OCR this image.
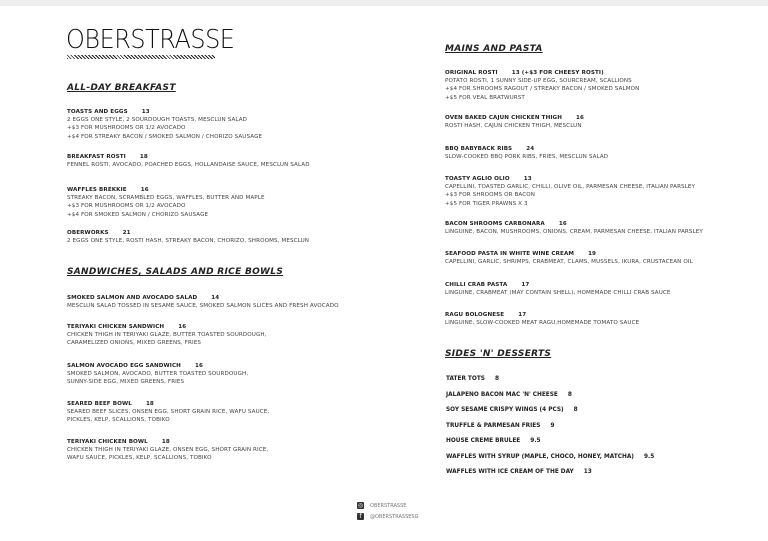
OBERSTRASSE
ALL-DAY BREAKFAST
TOASTS AND EGGS	13
2 EGGS ONE STYLE, 2 SOURDOUGH TOASTS, MESCLUN SALAD
+$3 FOR MUSHROOMS OR 1/2 AVOCADO
+$4 FOR STREAKY BACON / SMOKED SALMON / CHORIZO SAUSAGE
BREAKFAST ROSTI	18
FENNEL ROSTI, AVOCADO, POACHED EGGS, HOLLANDAISE SAUCE, MESCLUN SALAD
WAFFLES BREKKIE	16
STREAKY BACON, SCRAMBLED EGGS, WAFFLES, BUTTER AND MAPLE
+$3 FOR MUSHROOMS OR 1/2 AVOCADO
+$4 FOR SMOKED SALMON / CHORIZO SAUSAGE
OBERWORKS	21
2 EGGS ONE STYLE, ROSTI HASH, STREAKY BACON, CHORIZO, SHROOMS, MESCLUN
SANDWICHES, SALADS AND RICE BOWLS
SMOKED SALMON AND AVOCADO SALAD	14
MESCLUN SALAD TOSSED IN SESAME SAUCE, SMOKED SALMON SLICES AND FRESH AVOCADO
TERIYAKI CHICKEN SANDWICH	16
CHICKEN THIGH IN TERIYAKI GLAZE, BUTTER TOASTED SOURDOUGH,
CARAMELIZED ONIONS, MIXED GREENS, FRIES
SALMON AVOCADO EGG SANDWICH	16
SMOKED SALMON, AVOCADO, BUTTER TOASTED SOURDOUGH,
SUNNY-SIDE EGG, MIXED GREENS, FRIES
SEARED BEEF BOWL	18
SEARED BEEF SLICES, ONSEN EGG, SHORT GRAIN RICE, WAFU SAUCE,
PICKLES, KELP, SCALLIONS, TOBIKO
TERIYAKI CHICKEN BOWL	18
CHICKEN THIGH IN TERIYAKI GLAZE, ONSEN EGG, SHORT GRAIN RICE,
WAFU SAUCE, PICKLES, KELP, SCALLIONS, TOBIKO
MAINS AND PASTA
ORIGINAL ROSTI	13 (+$3 FOR CHEESY ROSTI)
POTATO ROSTI, 1 SUNNY SIDE-UP EGG, SOURCREAM, SCALLIONS
+$4 FOR SHROOMS RAGOUT / STREAKY BACON / SMOKED SALMON
+$5 FOR VEAL BRATWURST
OVEN BAKED CAJUN CHICKEN THIGH	16
ROSTI HASH, CAJUN CHICKEN THIGH, MESCLUN
BBQ BABYBACK RIBS	24
SLOW-COOKED BBQ PORK RIBS, FRIES, MESCLUN SALAD
TOASTY AGLIO OLIO	13
CAPELLINI, TOASTED GARLIC, CHILLI, OLIVE OIL, PARMESAN CHEESE, ITALIAN PARSLEY
+$3 FOR SHROOMS OR BACON
+$5 FOR TIGER PRAWNS X 3
BACON SHROOMS CARBONARA	16
LINGUINE, BACON, MUSHROOMS, ONIONS, CREAM, PARMESAN CHEESE, ITALIAN PARSLEY
SEAFOOD PASTA IN WHITE WINE CREAM	19
CAPELLINI, GARLIC, SHRIMPS, CRABMEAT, CLAMS, MUSSELS, IKURA, CRUSTACEAN OIL
CHILLI CRAB PASTA	17
LINGUINE, CRABMEAT (MAY CONTAIN SHELL), HOMEMADE CHILLI CRAB SAUCE
RAGU BOLOGNESE	17
LINGUINE, SLOW-COOKED MEAT RAGU,HOMEMADE TOMATO SAUCE
SIDES 'N' DESSERTS
TATER TOTS 8
JALAPENO BACON MAC 'N' CHEESE 8
SOY SESAME CRISPY WINGS (4 PCS) 8
TRUFFLE & PARMESAN FRIES 9
HOUSE CREME BRULEE 9.5
WAFFLES WITH SYRUP (MAPLE, CHOCO, HONEY, MATCHA) 9.5
WAFFLES WITH ICE CREAM OF THE DAY 13
◎ OBERSTRASSE
f	@OBERSTRASSESG
